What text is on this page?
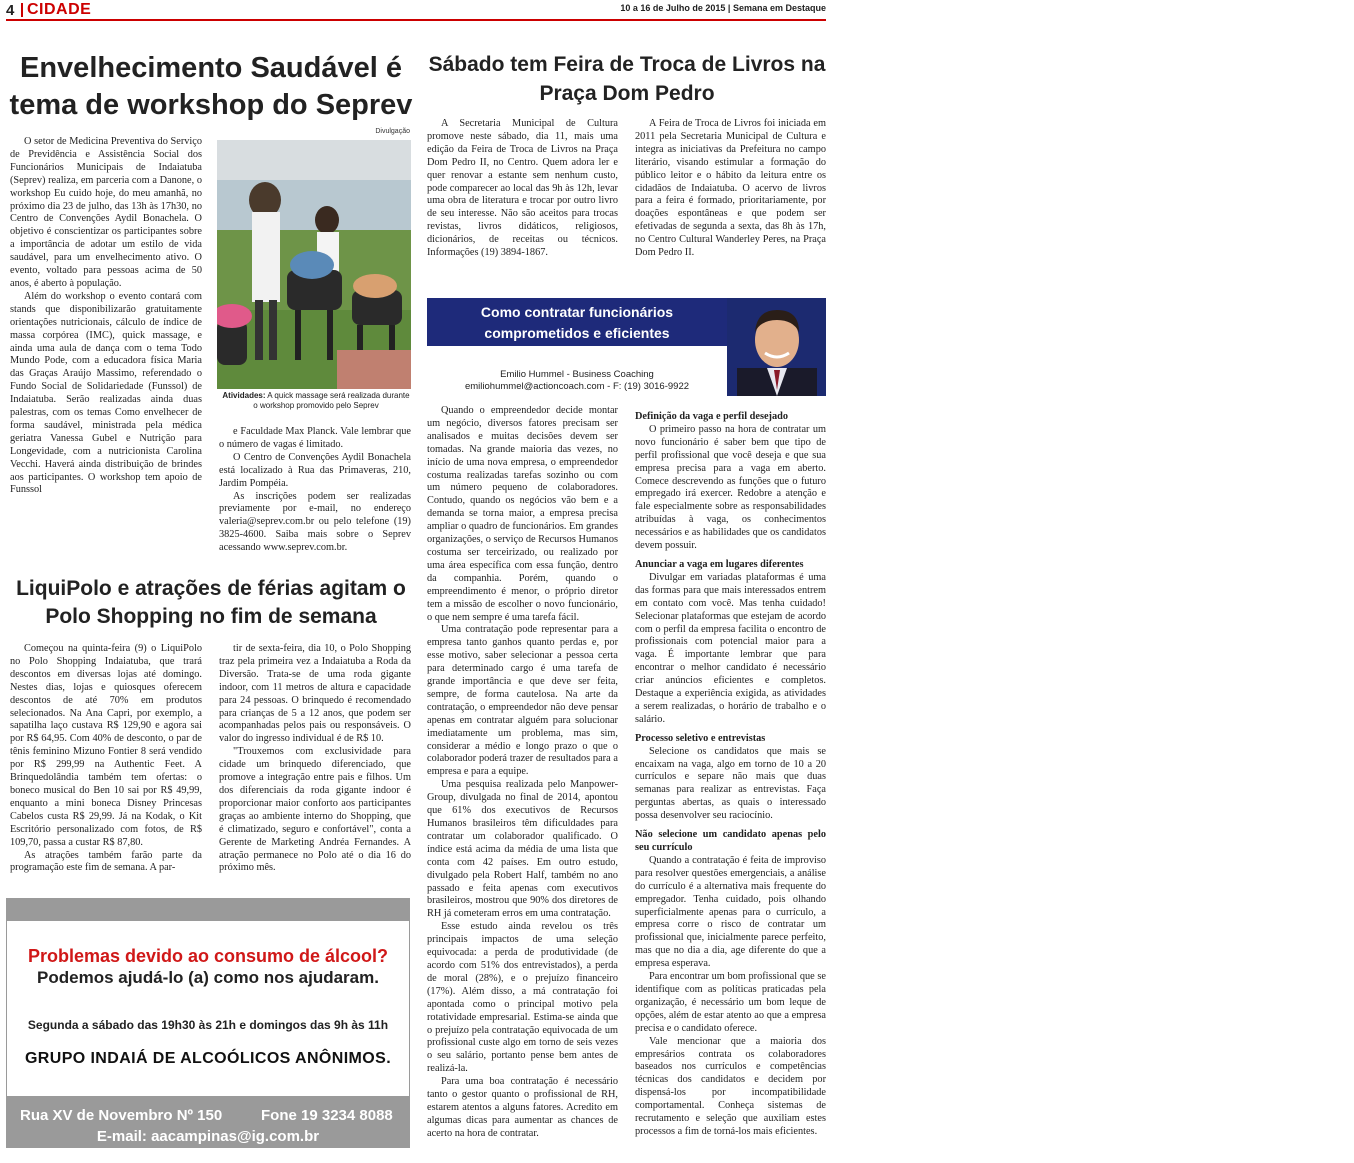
4 CIDADE	10 a 16 de Julho de 2015 | Semana em Destaque
Envelhecimento Saudável é tema de workshop do Seprev

O setor de Medicina Preventiva do Serviço de Previdência e Assistência Social dos Funcionários Municipais de Indaiatuba (Seprev) realiza, em parceria com a Danone, o workshop Eu cuido hoje, do meu amanhã, no próximo dia 23 de julho, das 13h às 17h30, no Centro de Convenções Aydil Bonachela. O objetivo é conscientizar os participantes sobre a importância de adotar um estilo de vida saudável, para um envelhecimento ativo. O evento, voltado para pessoas acima de 50 anos, é aberto à população.

Além do workshop o evento contará com stands que disponibilizarão gratuitamente orientações nutricionais, cálculo de índice de massa corpórea (IMC), quick massage, e ainda uma aula de dança com o tema Todo Mundo Pode, com a educadora física Maria das Graças Araújo Massimo, referendado o Fundo Social de Solidariedade (Funssol) de Indaiatuba. Serão realizadas ainda duas palestras, com os temas Como envelhecer de forma saudável, ministrada pela médica geriatra Vanessa Gubel e Nutrição para Longevidade, com a nutricionista Carolina Vecchi. Haverá ainda distribuição de brindes aos participantes. O workshop tem apoio de Funssol

Divulgação
Atividades: A quick massage será realizada durante o workshop promovido pelo Seprev

e Faculdade Max Planck. Vale lembrar que o número de vagas é limitado.

O Centro de Convenções Aydil Bonachela está localizado à Rua das Primaveras, 210, Jardim Pompéia.

As inscrições podem ser realizadas previamente por e-mail, no endereço valeria@seprev.com.br ou pelo telefone (19) 3825-4600. Saiba mais sobre o Seprev acessando www.seprev.com.br.

LiquiPolo e atrações de férias agitam o Polo Shopping no fim de semana

Começou na quinta-feira (9) o LiquiPolo no Polo Shopping Indaiatuba, que trará descontos em diversas lojas até domingo. Nestes dias, lojas e quiosques oferecem descontos de até 70% em produtos selecionados. Na Ana Capri, por exemplo, a sapatilha laço custava R$ 129,90 e agora sai por R$ 64,95. Com 40% de desconto, o par de tênis feminino Mizuno Fontier 8 será vendido por R$ 299,99 na Authentic Feet. A Brinquedolândia também tem ofertas: o boneco musical do Ben 10 sai por R$ 49,99, enquanto a mini boneca Disney Princesas Cabelos custa R$ 29,99. Já na Kodak, o Kit Escritório personalizado com fotos, de R$ 109,70, passa a custar R$ 87,80.

As atrações também farão parte da programação este fim de semana. A par-

tir de sexta-feira, dia 10, o Polo Shopping traz pela primeira vez a Indaiatuba a Roda da Diversão. Trata-se de uma roda gigante indoor, com 11 metros de altura e capacidade para 24 pessoas. O brinquedo é recomendado para crianças de 5 a 12 anos, que podem ser acompanhadas pelos pais ou responsáveis. O valor do ingresso individual é de R$ 10.

"Trouxemos com exclusividade para cidade um brinquedo diferenciado, que promove a integração entre pais e filhos. Um dos diferenciais da roda gigante indoor é proporcionar maior conforto aos participantes graças ao ambiente interno do Shopping, que é climatizado, seguro e confortável", conta a Gerente de Marketing Andréa Fernandes. A atração permanece no Polo até o dia 16 do próximo mês.

Sábado tem Feira de Troca de Livros na Praça Dom Pedro

A Secretaria Municipal de Cultura promove neste sábado, dia 11, mais uma edição da Feira de Troca de Livros na Praça Dom Pedro II, no Centro. Quem adora ler e quer renovar a estante sem nenhum custo, pode comparecer ao local das 9h às 12h, levar uma obra de literatura e trocar por outro livro de seu interesse. Não são aceitos para trocas revistas, livros didáticos, religiosos, dicionários, de receitas ou técnicos. Informações (19) 3894-1867.

A Feira de Troca de Livros foi iniciada em 2011 pela Secretaria Municipal de Cultura e integra as iniciativas da Prefeitura no campo literário, visando estimular a formação do público leitor e o hábito da leitura entre os cidadãos de Indaiatuba. O acervo de livros para a feira é formado, prioritariamente, por doações espontâneas e que podem ser efetivadas de segunda a sexta, das 8h às 17h, no Centro Cultural Wanderley Peres, na Praça Dom Pedro II.

Como contratar funcionários comprometidos e eficientes
Emilio Hummel - Business Coaching
emiliohummel@actioncoach.com - F: (19) 3016-9922

Quando o empreendedor decide montar um negócio, diversos fatores precisam ser analisados e muitas decisões devem ser tomadas. Na grande maioria das vezes, no início de uma nova empresa, o empreendedor costuma realizadas tarefas sozinho ou com um número pequeno de colaboradores. Contudo, quando os negócios vão bem e a demanda se torna maior, a empresa precisa ampliar o quadro de funcionários. Em grandes organizações, o serviço de Recursos Humanos costuma ser terceirizado, ou realizado por uma área específica com essa função, dentro da companhia. Porém, quando o empreendimento é menor, o próprio diretor tem a missão de escolher o novo funcionário, o que nem sempre é uma tarefa fácil.

Uma contratação pode representar para a empresa tanto ganhos quanto perdas e, por esse motivo, saber selecionar a pessoa certa para determinado cargo é uma tarefa de grande importância e que deve ser feita, sempre, de forma cautelosa. Na arte da contratação, o empreendedor não deve pensar apenas em contratar alguém para solucionar imediatamente um problema, mas sim, considerar a médio e longo prazo o que o colaborador poderá trazer de resultados para a empresa e para a equipe.

Uma pesquisa realizada pelo Manpower-Group, divulgada no final de 2014, apontou que 61% dos executivos de Recursos Humanos brasileiros têm dificuldades para contratar um colaborador qualificado. O índice está acima da média de uma lista que conta com 42 países. Em outro estudo, divulgado pela Robert Half, também no ano passado e feita apenas com executivos brasileiros, mostrou que 90% dos diretores de RH já cometeram erros em uma contratação.

Esse estudo ainda revelou os três principais impactos de uma seleção equivocada: a perda de produtividade (de acordo com 51% dos entrevistados), a perda de moral (28%), e o prejuízo financeiro (17%). Além disso, a má contratação foi apontada como o principal motivo pela rotatividade empresarial. Estima-se ainda que o prejuízo pela contratação equivocada de um profissional custe algo em torno de seis vezes o seu salário, portanto pense bem antes de realizá-la.

Para uma boa contratação é necessário tanto o gestor quanto o profissional de RH, estarem atentos a alguns fatores. Acredito em algumas dicas para aumentar as chances de acerto na hora de contratar.

Definição da vaga e perfil desejado

O primeiro passo na hora de contratar um novo funcionário é saber bem que tipo de perfil profissional que você deseja e que sua empresa precisa para a vaga em aberto. Comece descrevendo as funções que o futuro empregado irá exercer. Redobre a atenção e fale especialmente sobre as responsabilidades atribuídas à vaga, os conhecimentos necessários e as habilidades que os candidatos devem possuir.

Anunciar a vaga em lugares diferentes

Divulgar em variadas plataformas é uma das formas para que mais interessados entrem em contato com você. Mas tenha cuidado! Selecionar plataformas que estejam de acordo com o perfil da empresa facilita o encontro de profissionais com potencial maior para a vaga. É importante lembrar que para encontrar o melhor candidato é necessário criar anúncios eficientes e completos. Destaque a experiência exigida, as atividades a serem realizadas, o horário de trabalho e o salário.

Processo seletivo e entrevistas

Selecione os candidatos que mais se encaixam na vaga, algo em torno de 10 a 20 currículos e separe não mais que duas semanas para realizar as entrevistas. Faça perguntas abertas, as quais o interessado possa desenvolver seu raciocínio.

Não selecione um candidato apenas pelo seu currículo

Quando a contratação é feita de improviso para resolver questões emergenciais, a análise do currículo é a alternativa mais frequente do empregador. Tenha cuidado, pois olhando superficialmente apenas para o currículo, a empresa corre o risco de contratar um profissional que, inicialmente parece perfeito, mas que no dia a dia, age diferente do que a empresa esperava.

Para encontrar um bom profissional que se identifique com as políticas praticadas pela organização, é necessário um bom leque de opções, além de estar atento ao que a empresa precisa e o candidato oferece.

Vale mencionar que a maioria dos empresários contrata os colaboradores baseados nos currículos e competências técnicas dos candidatos e decidem por dispensá-los por incompatibilidade comportamental. Conheça sistemas de recrutamento e seleção que auxiliam estes processos a fim de torná-los mais eficientes.

Problemas devido ao consumo de álcool?
Podemos ajudá-lo (a) como nos ajudaram.
Segunda a sábado das 19h30 às 21h e domingos das 9h às 11h
GRUPO INDAIÁ DE ALCOÓLICOS ANÔNIMOS.
Rua XV de Novembro Nº 150	Fone 19 3234 8088
E-mail: aacampinas@ig.com.br
